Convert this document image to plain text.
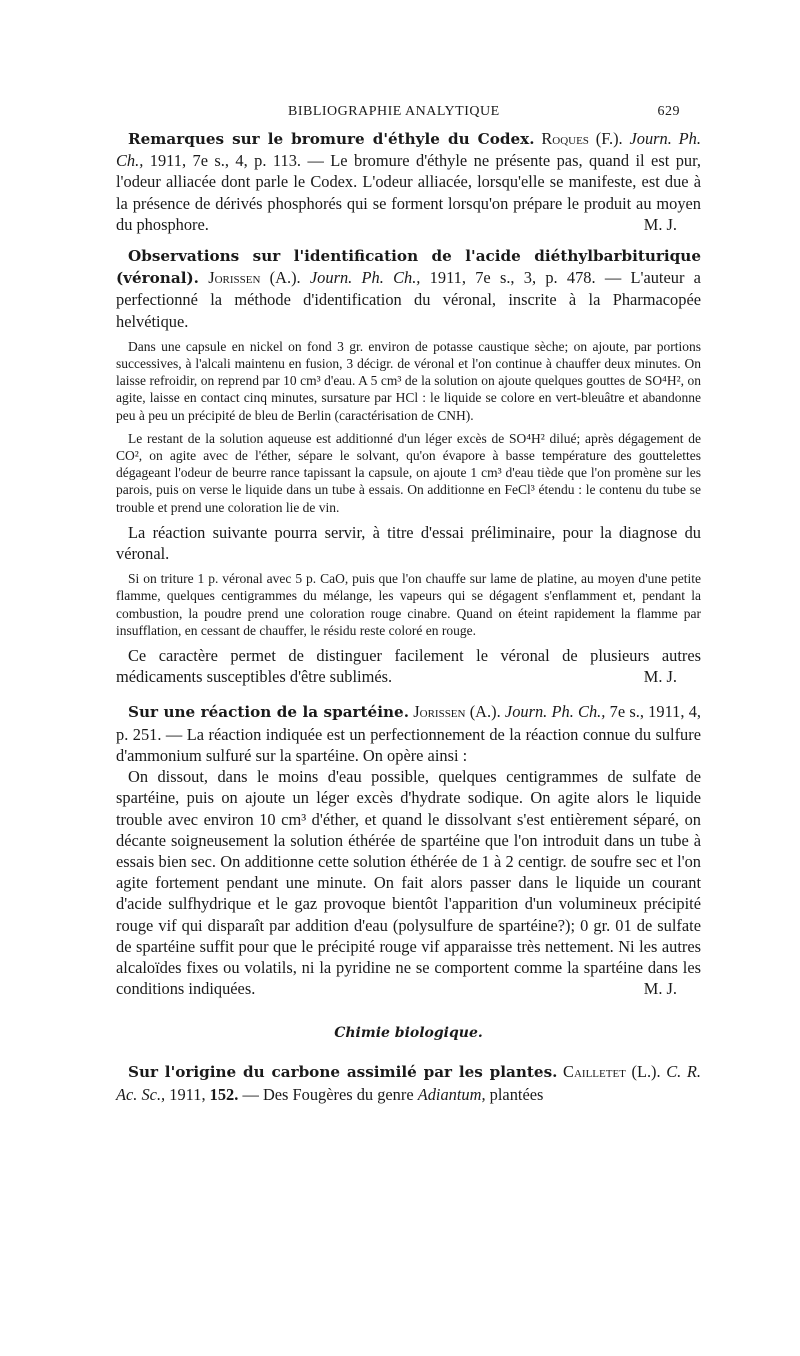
BIBLIOGRAPHIE ANALYTIQUE	629

Remarques sur le bromure d'éthyle du Codex. Roques (F.). Journ. Ph. Ch., 1911, 7e s., 4, p. 113. — Le bromure d'éthyle ne présente pas, quand il est pur, l'odeur alliacée dont parle le Codex. L'odeur alliacée, lorsqu'elle se manifeste, est due à la présence de dérivés phosphorés qui se forment lorsqu'on prépare le produit au moyen du phosphore.	M. J.

Observations sur l'identification de l'acide diéthylbarbiturique (véronal). Jorissen (A.). Journ. Ph. Ch., 1911, 7e s., 3, p. 478. — L'auteur a perfectionné la méthode d'identification du véronal, inscrite à la Pharmacopée helvétique.

Dans une capsule en nickel on fond 3 gr. environ de potasse caustique sèche; on ajoute, par portions successives, à l'alcali maintenu en fusion, 3 décigr. de véronal et l'on continue à chauffer deux minutes. On laisse refroidir, on reprend par 10 cm³ d'eau. A 5 cm³ de la solution on ajoute quelques gouttes de SO⁴H², on agite, laisse en contact cinq minutes, sursature par HCl : le liquide se colore en vert-bleuâtre et abandonne peu à peu un précipité de bleu de Berlin (caractérisation de CNH).

Le restant de la solution aqueuse est additionné d'un léger excès de SO⁴H² dilué; après dégagement de CO², on agite avec de l'éther, sépare le solvant, qu'on évapore à basse température des gouttelettes dégageant l'odeur de beurre rance tapissant la capsule, on ajoute 1 cm³ d'eau tiède que l'on promène sur les parois, puis on verse le liquide dans un tube à essais. On additionne en FeCl³ étendu : le contenu du tube se trouble et prend une coloration lie de vin.

La réaction suivante pourra servir, à titre d'essai préliminaire, pour la diagnose du véronal.

Si on triture 1 p. véronal avec 5 p. CaO, puis que l'on chauffe sur lame de platine, au moyen d'une petite flamme, quelques centigrammes du mélange, les vapeurs qui se dégagent s'enflamment et, pendant la combustion, la poudre prend une coloration rouge cinabre. Quand on éteint rapidement la flamme par insufflation, en cessant de chauffer, le résidu reste coloré en rouge.

Ce caractère permet de distinguer facilement le véronal de plusieurs autres médicaments susceptibles d'être sublimés.	M. J.

Sur une réaction de la spartéine. Jorissen (A.). Journ. Ph. Ch., 7e s., 1911, 4, p. 251. — La réaction indiquée est un perfectionnement de la réaction connue du sulfure d'ammonium sulfuré sur la spartéine. On opère ainsi :

On dissout, dans le moins d'eau possible, quelques centigrammes de sulfate de spartéine, puis on ajoute un léger excès d'hydrate sodique. On agite alors le liquide trouble avec environ 10 cm³ d'éther, et quand le dissolvant s'est entièrement séparé, on décante soigneusement la solution éthérée de spartéine que l'on introduit dans un tube à essais bien sec. On additionne cette solution éthérée de 1 à 2 centigr. de soufre sec et l'on agite fortement pendant une minute. On fait alors passer dans le liquide un courant d'acide sulfhydrique et le gaz provoque bientôt l'apparition d'un volumineux précipité rouge vif qui disparaît par addition d'eau (polysulfure de spartéine?); 0 gr. 01 de sulfate de spartéine suffit pour que le précipité rouge vif apparaisse très nettement. Ni les autres alcaloïdes fixes ou volatils, ni la pyridine ne se comportent comme la spartéine dans les conditions indiquées.	M. J.

Chimie biologique.

Sur l'origine du carbone assimilé par les plantes. Cailletet (L.). C. R. Ac. Sc., 1911, 152. — Des Fougères du genre Adiantum, plantées
